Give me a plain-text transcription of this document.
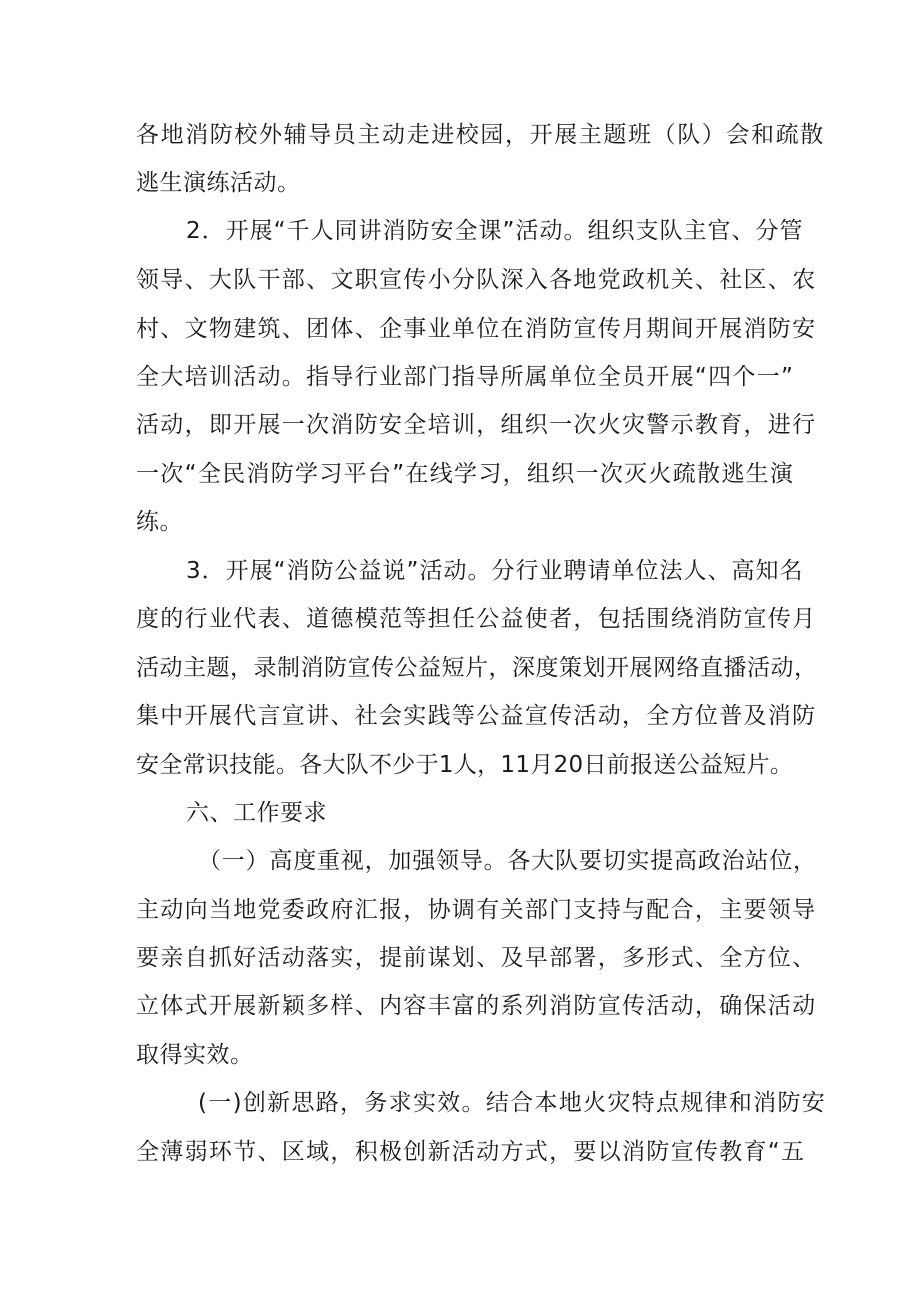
各地消防校外辅导员主动走进校园，开展主题班（队）会和疏散
逃生演练活动。
2．开展“千人同讲消防安全课”活动。组织支队主官、分管
领导、大队干部、文职宣传小分队深入各地党政机关、社区、农
村、文物建筑、团体、企事业单位在消防宣传月期间开展消防安
全大培训活动。指导行业部门指导所属单位全员开展“四个一”
活动，即开展一次消防安全培训，组织一次火灾警示教育，进行
一次“全民消防学习平台”在线学习，组织一次灭火疏散逃生演
练。
3．开展“消防公益说”活动。分行业聘请单位法人、高知名
度的行业代表、道德模范等担任公益使者，包括围绕消防宣传月
活动主题，录制消防宣传公益短片，深度策划开展网络直播活动，
集中开展代言宣讲、社会实践等公益宣传活动，全方位普及消防
安全常识技能。各大队不少于1人，11月20日前报送公益短片。
六、工作要求
（一）高度重视，加强领导。各大队要切实提高政治站位，
主动向当地党委政府汇报，协调有关部门支持与配合，主要领导
要亲自抓好活动落实，提前谋划、及早部署，多形式、全方位、
立体式开展新颖多样、内容丰富的系列消防宣传活动，确保活动
取得实效。
(一)创新思路，务求实效。结合本地火灾特点规律和消防安
全薄弱环节、区域，积极创新活动方式，要以消防宣传教育“五
